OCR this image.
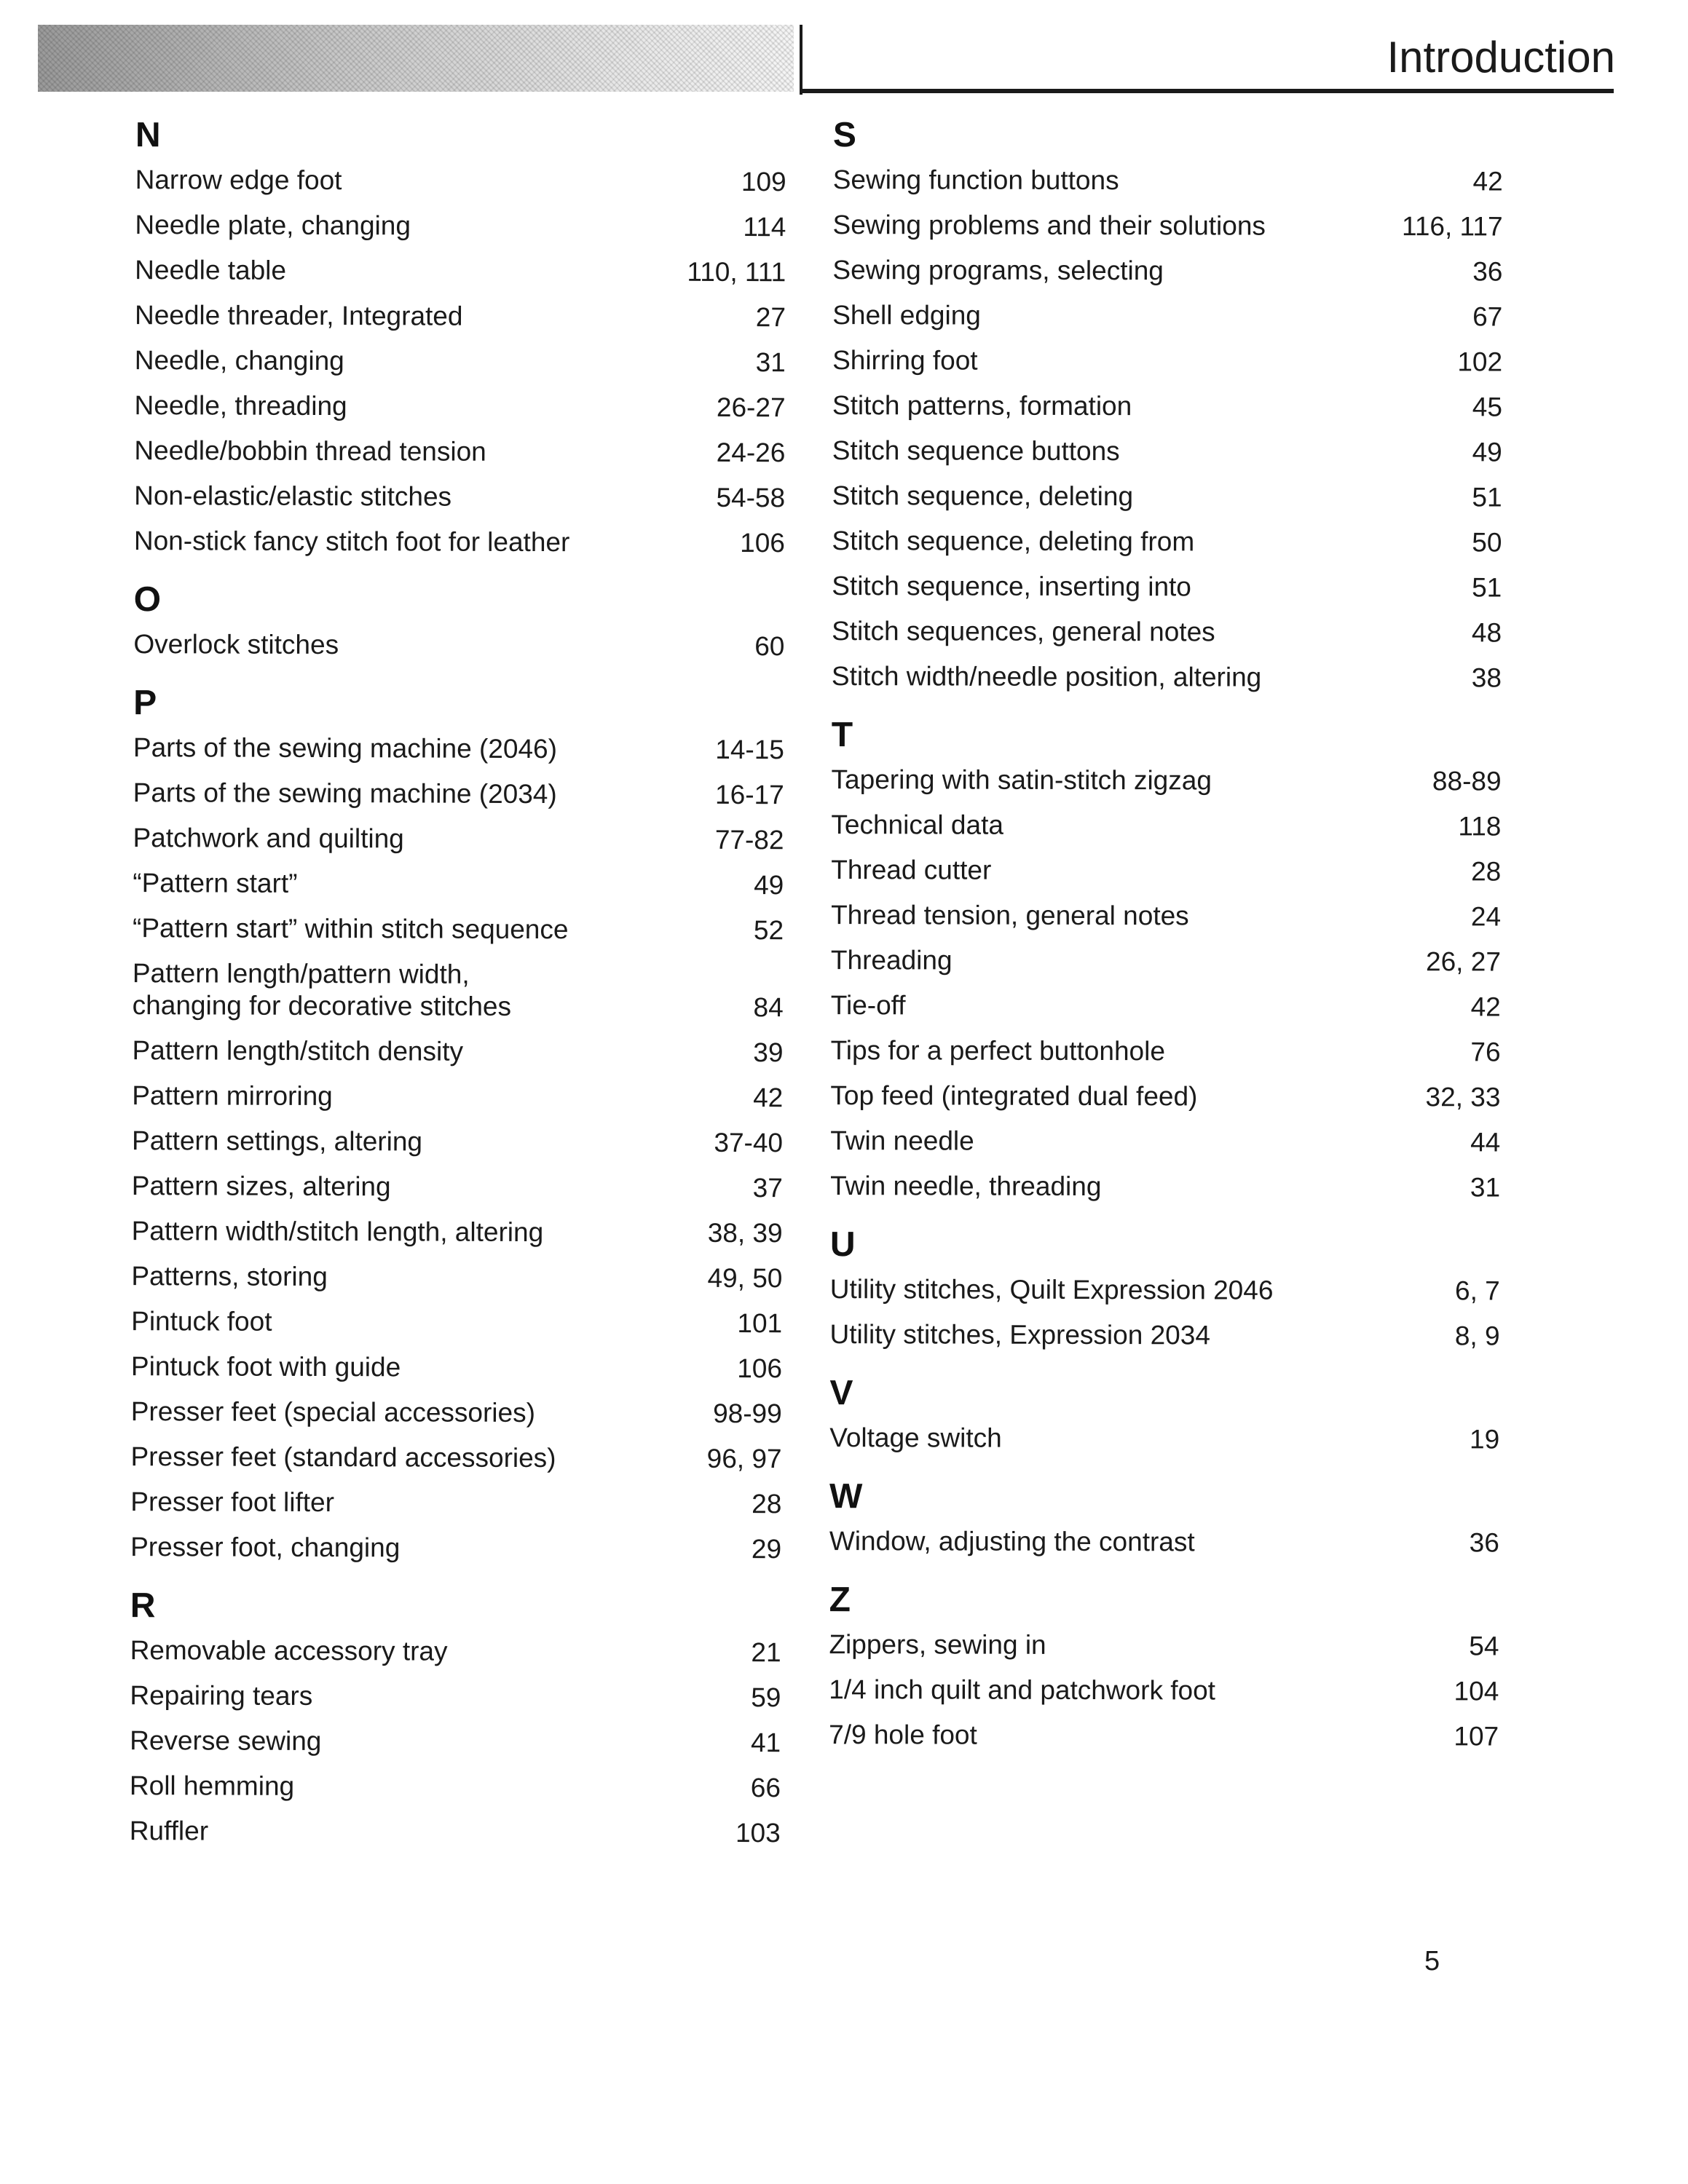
Introduction
N
Narrow edge foot	109
Needle plate, changing	114
Needle table	110, 111
Needle threader, Integrated	27
Needle, changing	31
Needle, threading	26-27
Needle/bobbin thread tension	24-26
Non-elastic/elastic stitches	54-58
Non-stick fancy stitch foot for leather	106
O
Overlock stitches	60
P
Parts of the sewing machine (2046)	14-15
Parts of the sewing machine (2034)	16-17
Patchwork and quilting	77-82
“Pattern start”	49
“Pattern start” within stitch sequence	52
Pattern length/pattern width,
changing for decorative stitches	84
Pattern length/stitch density	39
Pattern mirroring	42
Pattern settings, altering	37-40
Pattern sizes, altering	37
Pattern width/stitch length, altering	38, 39
Patterns, storing	49, 50
Pintuck foot	101
Pintuck foot with guide	106
Presser feet (special accessories)	98-99
Presser feet (standard accessories)	96, 97
Presser foot lifter	28
Presser foot, changing	29
R
Removable accessory tray	21
Repairing tears	59
Reverse sewing	41
Roll hemming	66
Ruffler	103
S
Sewing function buttons	42
Sewing problems and their solutions	116, 117
Sewing programs, selecting	36
Shell edging	67
Shirring foot	102
Stitch patterns, formation	45
Stitch sequence buttons	49
Stitch sequence, deleting	51
Stitch sequence, deleting from	50
Stitch sequence, inserting into	51
Stitch sequences, general notes	48
Stitch width/needle position, altering	38
T
Tapering with satin-stitch zigzag	88-89
Technical data	118
Thread cutter	28
Thread tension, general notes	24
Threading	26, 27
Tie-off	42
Tips for a perfect buttonhole	76
Top feed (integrated dual feed)	32, 33
Twin needle	44
Twin needle, threading	31
U
Utility stitches, Quilt Expression 2046	6, 7
Utility stitches, Expression 2034	8, 9
V
Voltage switch	19
W
Window, adjusting the contrast	36
Z
Zippers, sewing in	54
1/4 inch quilt and patchwork foot	104
7/9 hole foot	107
5
